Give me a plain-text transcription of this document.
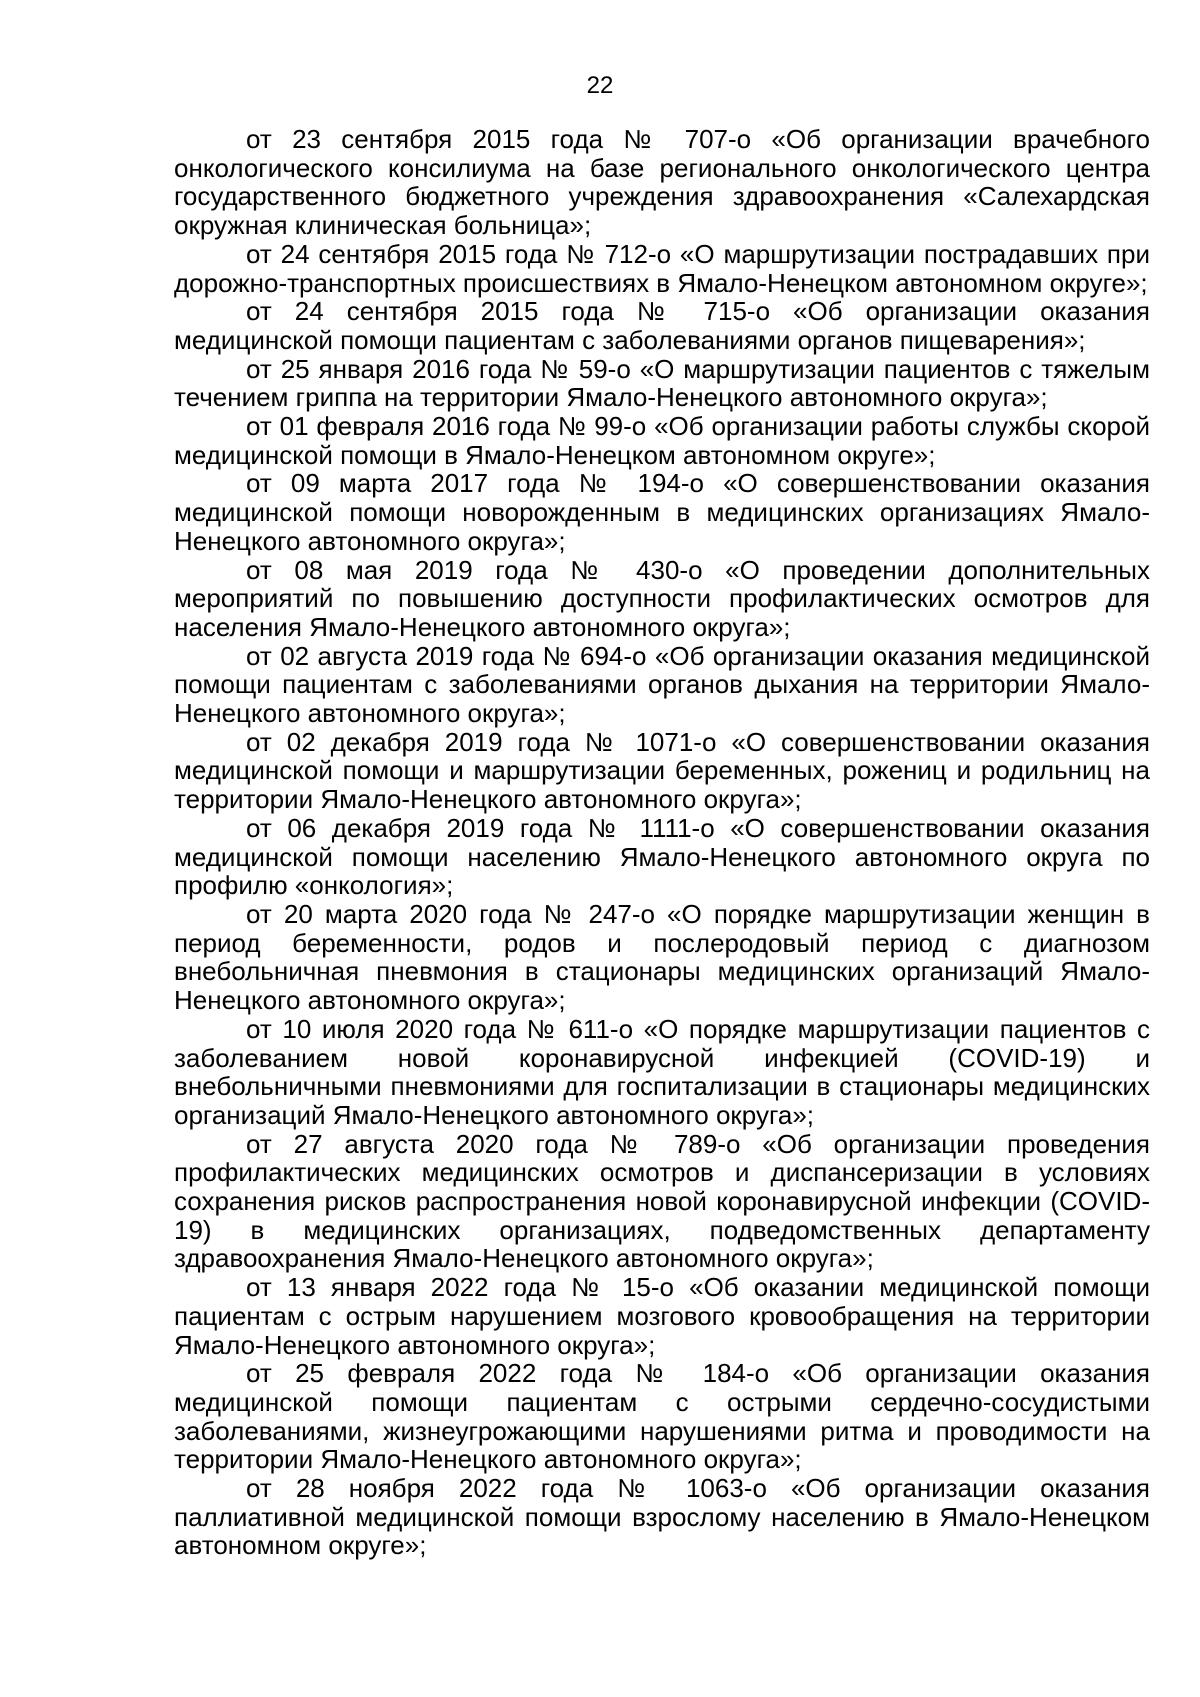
22

от 23 сентября 2015 года № 707-о «Об организации врачебного онкологического консилиума на базе регионального онкологического центра государственного бюджетного учреждения здравоохранения «Салехардская окружная клиническая больница»;

от 24 сентября 2015 года № 712-о «О маршрутизации пострадавших при дорожно-транспортных происшествиях в Ямало-Ненецком автономном округе»;

от 24 сентября 2015 года № 715-о «Об организации оказания медицинской помощи пациентам с заболеваниями органов пищеварения»;

от 25 января 2016 года № 59-о «О маршрутизации пациентов с тяжелым течением гриппа на территории Ямало-Ненецкого автономного округа»;

от 01 февраля 2016 года № 99-о «Об организации работы службы скорой медицинской помощи в Ямало-Ненецком автономном округе»;

от 09 марта 2017 года № 194-о «О совершенствовании оказания медицинской помощи новорожденным в медицинских организациях Ямало-Ненецкого автономного округа»;

от 08 мая 2019 года № 430-о «О проведении дополнительных мероприятий по повышению доступности профилактических осмотров для населения Ямало-Ненецкого автономного округа»;

от 02 августа 2019 года № 694-о «Об организации оказания медицинской помощи пациентам с заболеваниями органов дыхания на территории Ямало-Ненецкого автономного округа»;

от 02 декабря 2019 года № 1071-о «О совершенствовании оказания медицинской помощи и маршрутизации беременных, рожениц и родильниц на территории Ямало-Ненецкого автономного округа»;

от 06 декабря 2019 года № 1111-о «О совершенствовании оказания медицинской помощи населению Ямало-Ненецкого автономного округа по профилю «онкология»;

от 20 марта 2020 года № 247-о «О порядке маршрутизации женщин в период беременности, родов и послеродовый период с диагнозом внебольничная пневмония в стационары медицинских организаций Ямало-Ненецкого автономного округа»;

от 10 июля 2020 года № 611-о «О порядке маршрутизации пациентов с заболеванием новой коронавирусной инфекцией (COVID-19) и внебольничными пневмониями для госпитализации в стационары медицинских организаций Ямало-Ненецкого автономного округа»;

от 27 августа 2020 года № 789-о «Об организации проведения профилактических медицинских осмотров и диспансеризации в условиях сохранения рисков распространения новой коронавирусной инфекции (COVID-19) в медицинских организациях, подведомственных департаменту здравоохранения Ямало-Ненецкого автономного округа»;

от 13 января 2022 года № 15-о «Об оказании медицинской помощи пациентам с острым нарушением мозгового кровообращения на территории Ямало-Ненецкого автономного округа»;

от 25 февраля 2022 года № 184-о «Об организации оказания медицинской помощи пациентам с острыми сердечно-сосудистыми заболеваниями, жизнеугрожающими нарушениями ритма и проводимости на территории Ямало-Ненецкого автономного округа»;

от 28 ноября 2022 года № 1063-о «Об организации оказания паллиативной медицинской помощи взрослому населению в Ямало-Ненецком автономном округе»;
